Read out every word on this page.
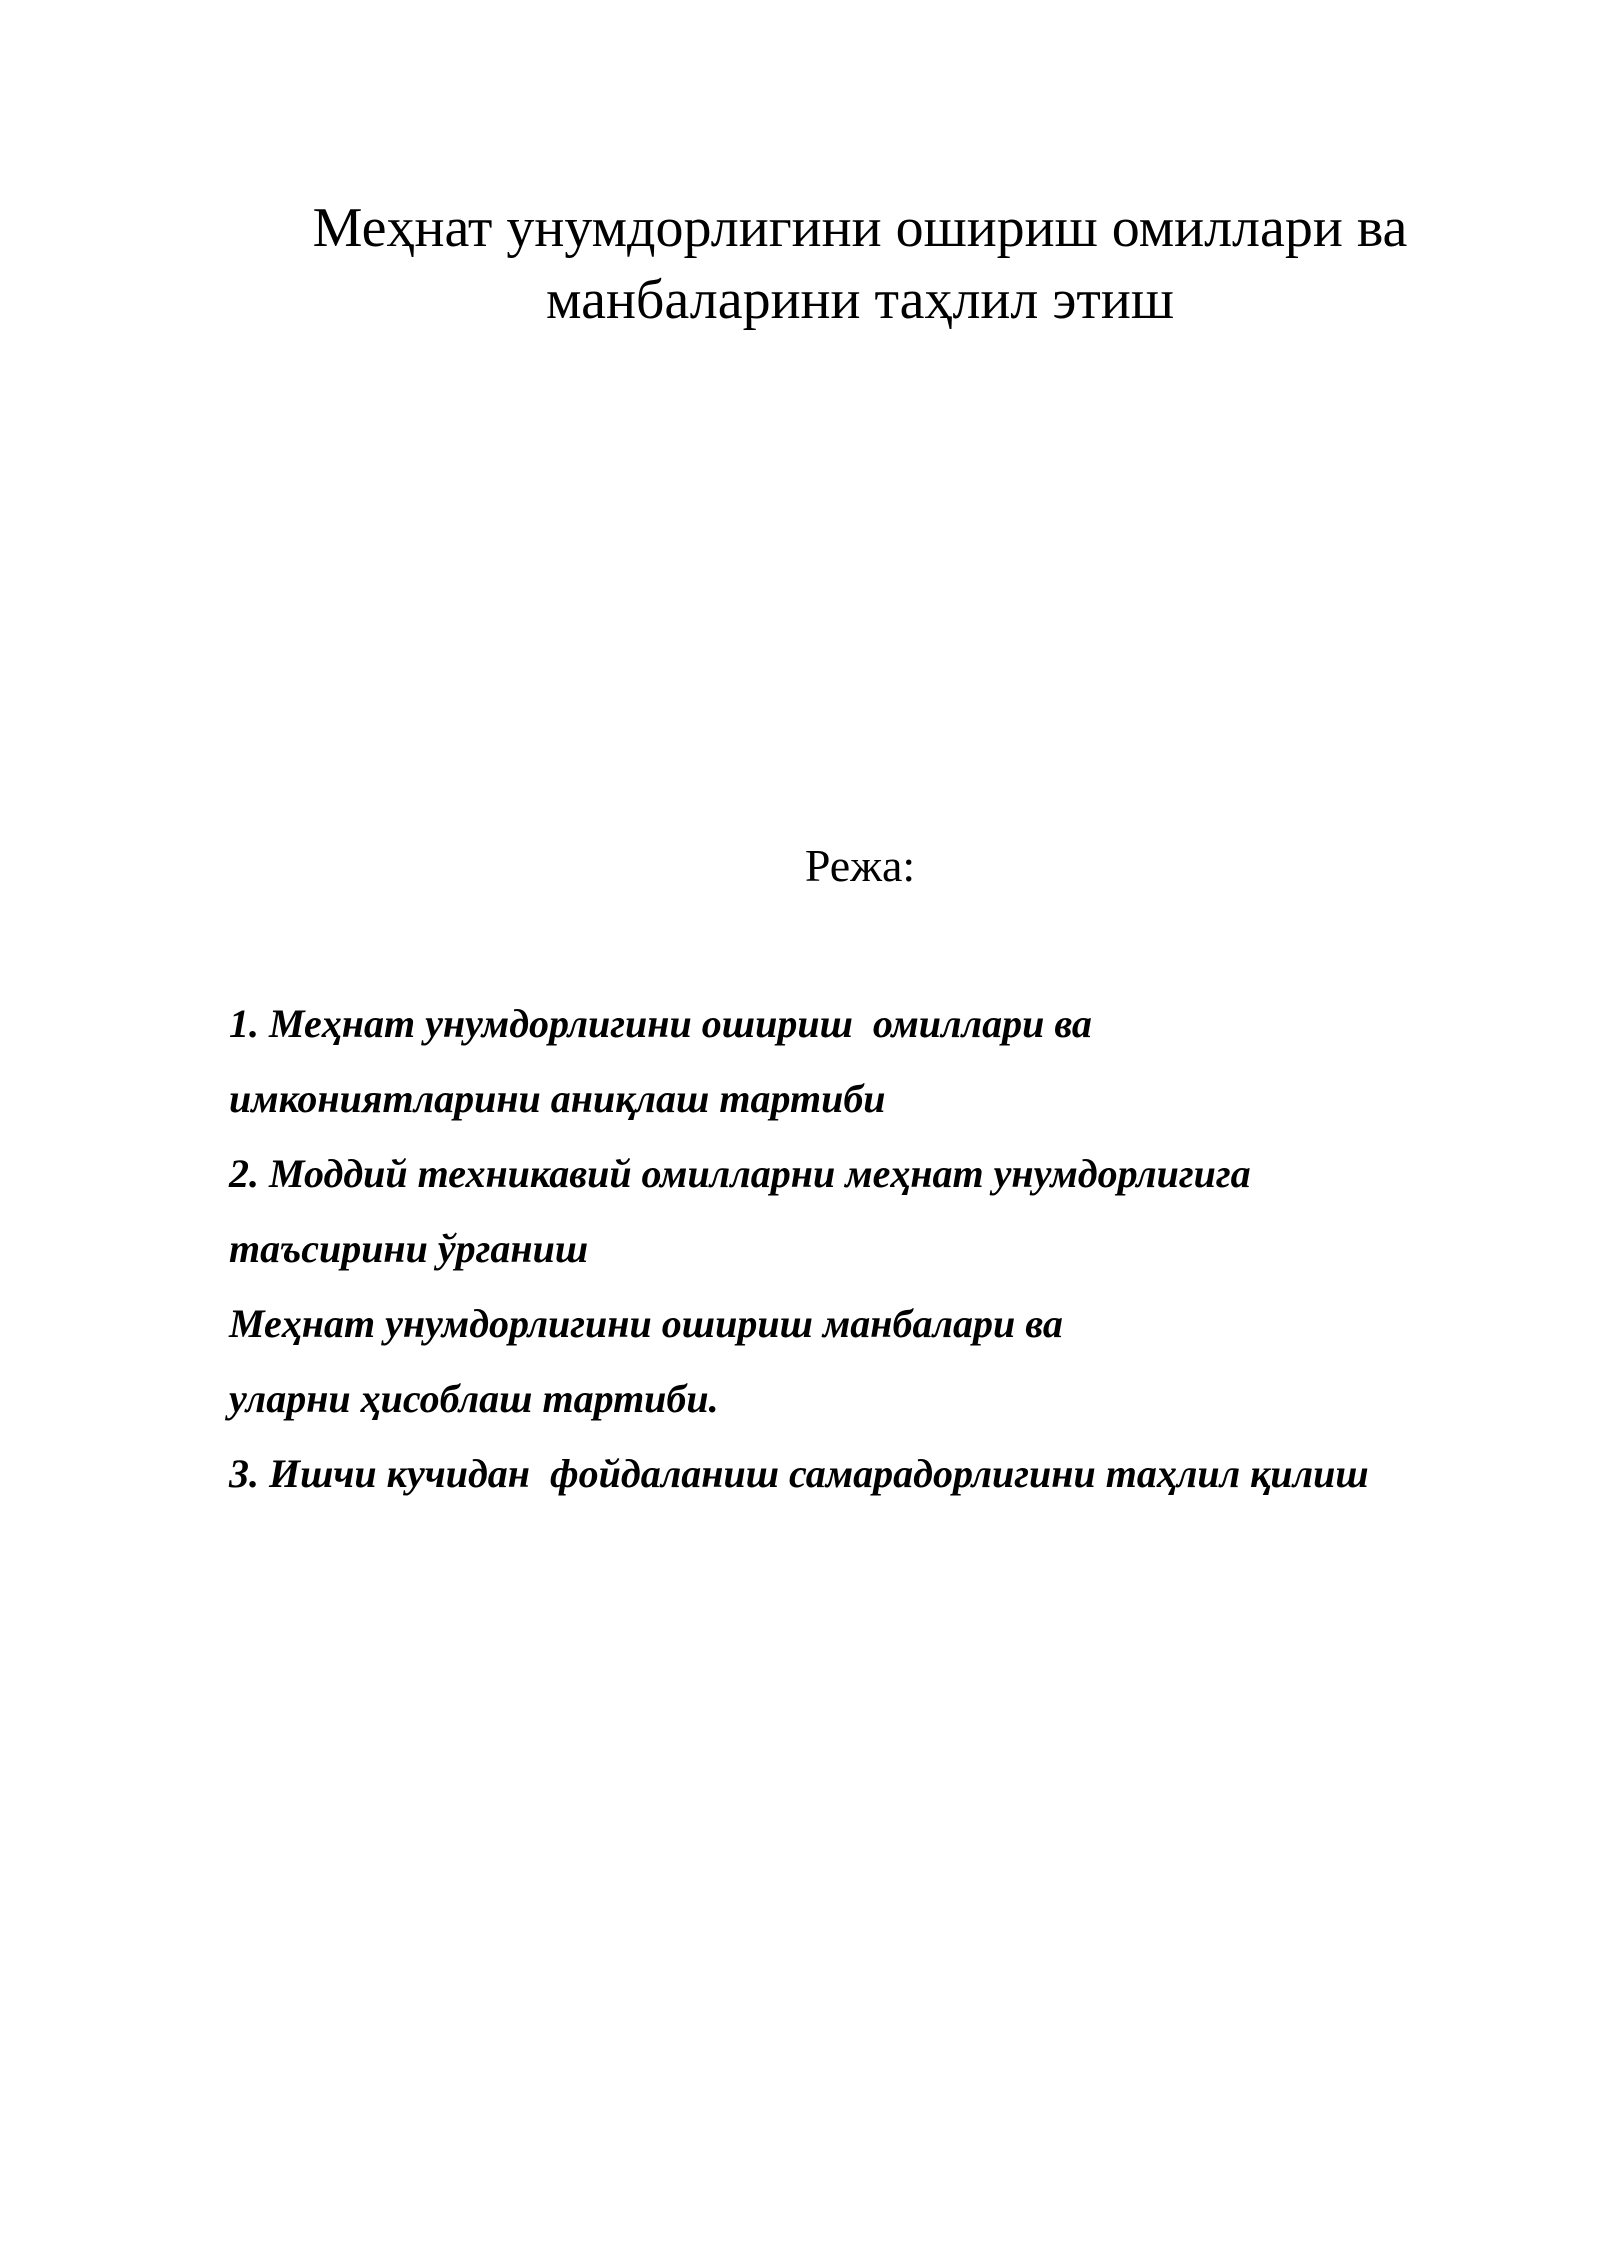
Меҳнат унумдорлигини ошириш омиллари ва
манбаларини таҳлил этиш
Режа:
1. Меҳнат унумдорлигини ошириш  омиллари ва
имкониятларини аниқлаш тартиби
2. Моддий техникавий омилларни меҳнат унумдорлигига
таъсирини ўрганиш
Меҳнат унумдорлигини ошириш манбалари ва
уларни ҳисоблаш тартиби.
3. Ишчи кучидан  фойдаланиш самарадорлигини таҳлил қилиш
